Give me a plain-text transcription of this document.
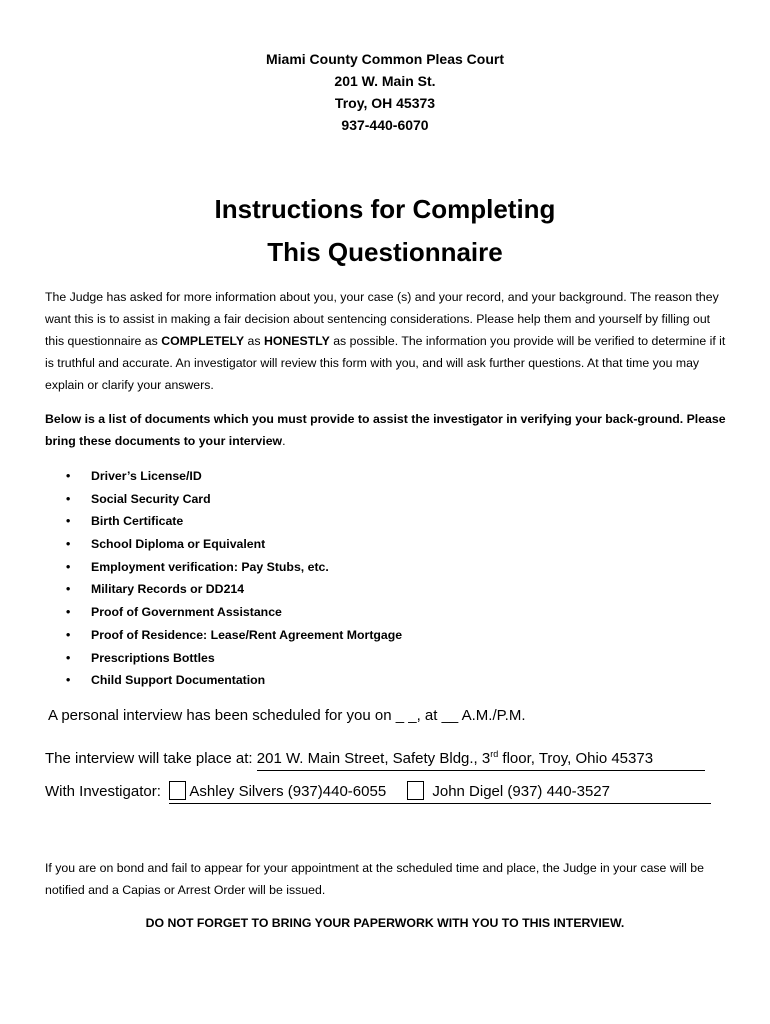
Miami County Common Pleas Court
201 W. Main St.
Troy, OH 45373
937-440-6070
Instructions for Completing
This Questionnaire
The Judge has asked for more information about you, your case (s) and your record, and your background. The reason they want this is to assist in making a fair decision about sentencing considerations. Please help them and yourself by filling out this questionnaire as COMPLETELY as HONESTLY as possible. The information you provide will be verified to determine if it is truthful and accurate. An investigator will review this form with you, and will ask further questions. At that time you may explain or clarify your answers.
Below is a list of documents which you must provide to assist the investigator in verifying your back-ground. Please bring these documents to your interview.
• Driver’s License/ID
• Social Security Card
• Birth Certificate
• School Diploma or Equivalent
• Employment verification: Pay Stubs, etc.
• Military Records or DD214
• Proof of Government Assistance
• Proof of Residence: Lease/Rent Agreement Mortgage
• Prescriptions Bottles
• Child Support Documentation
A personal interview has been scheduled for you on _ _, at __ A.M./P.M.
The interview will take place at: 201 W. Main Street, Safety Bldg., 3rd floor, Troy, Ohio 45373
With Investigator:  Ashley Silvers (937)440-6055	John Digel (937) 440-3527
If you are on bond and fail to appear for your appointment at the scheduled time and place, the Judge in your case will be notified and a Capias or Arrest Order will be issued.
DO NOT FORGET TO BRING YOUR PAPERWORK WITH YOU TO THIS INTERVIEW.
